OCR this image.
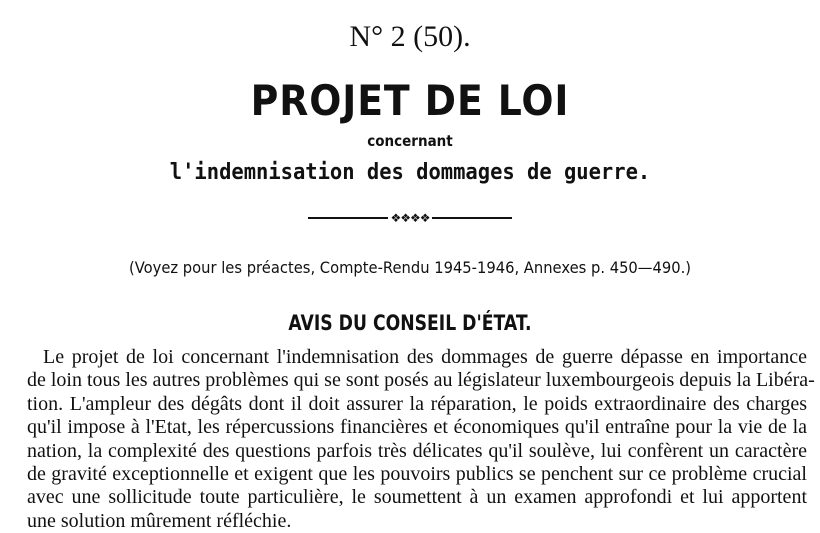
N° 2 (50).
PROJET DE LOI
concernant
l'indemnisation des dommages de guerre.
❖❖❖❖
(Voyez pour les préactes, Compte-Rendu 1945-1946, Annexes p. 450—490.)
AVIS DU CONSEIL D'ÉTAT.
Le projet de loi concernant l'indemnisation des dommages de guerre dépasse en importance
de loin tous les autres problèmes qui se sont posés au législateur luxembourgeois depuis la Libéra-
tion. L'ampleur des dégâts dont il doit assurer la réparation, le poids extraordinaire des charges
qu'il impose à l'Etat, les répercussions financières et économiques qu'il entraîne pour la vie de la
nation, la complexité des questions parfois très délicates qu'il soulève, lui confèrent un caractère
de gravité exceptionnelle et exigent que les pouvoirs publics se penchent sur ce problème crucial
avec une sollicitude toute particulière, le soumettent à un examen approfondi et lui apportent
une solution mûrement réfléchie.
